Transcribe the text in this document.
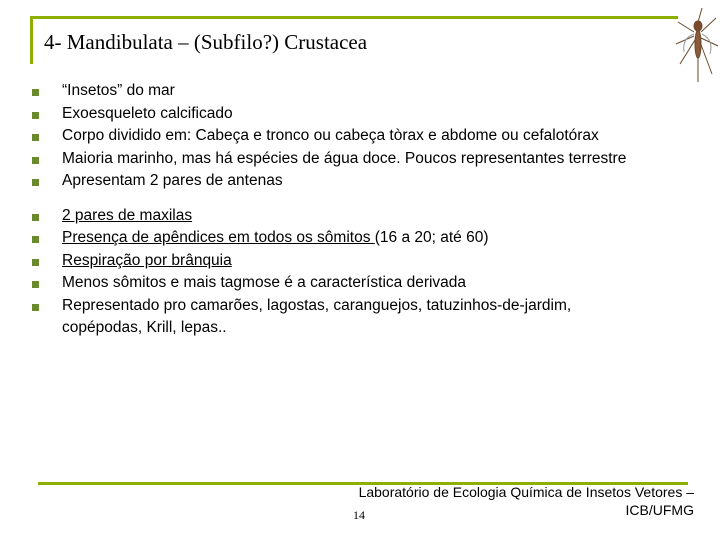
4- Mandibulata – (Subfilo?) Crustacea
“Insetos” do mar
Exoesqueleto calcificado
Corpo dividido em: Cabeça e tronco ou cabeça tòrax e abdome ou cefalotórax
Maioria marinho, mas há espécies de água doce. Poucos representantes terrestre
Apresentam 2 pares de antenas
2 pares de maxilas
Presença de apêndices em todos os sômitos (16 a 20; até 60)
Respiração por brânquia
Menos sômitos e mais tagmose é a característica derivada
Representado pro camarões, lagostas, caranguejos, tatuzinhos-de-jardim, copépodas, Krill, lepas..
Laboratório de Ecologia Química de Insetos Vetores –
ICB/UFMG
14
